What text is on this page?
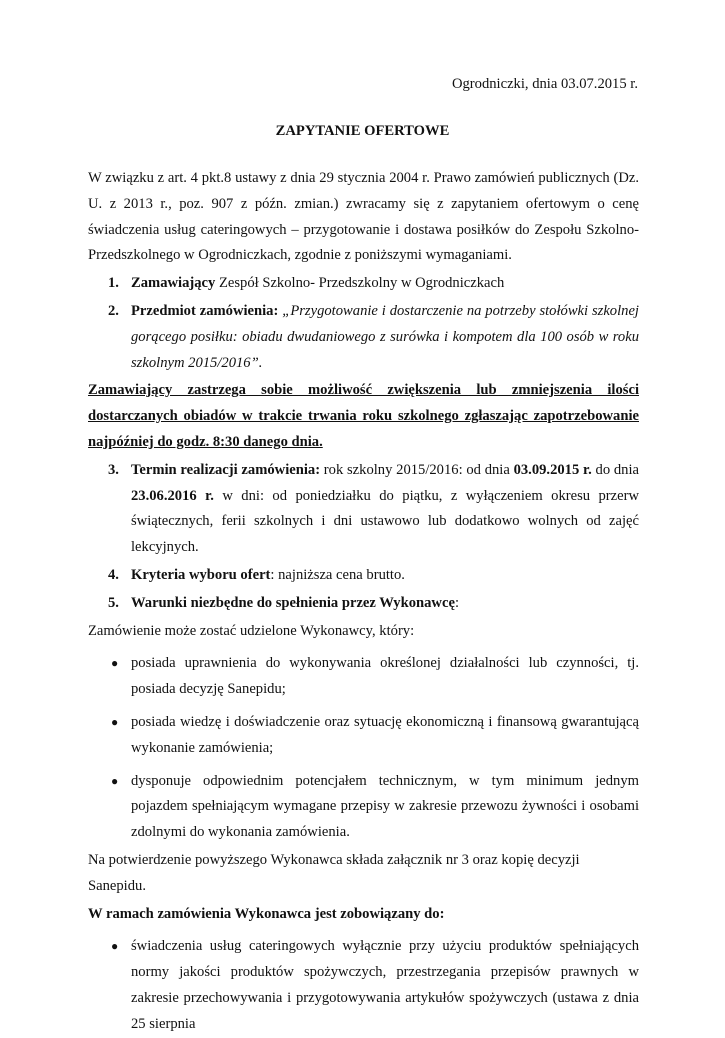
Ogrodniczki, dnia 03.07.2015 r.
ZAPYTANIE OFERTOWE

W związku z art. 4 pkt.8 ustawy z dnia 29 stycznia 2004 r. Prawo zamówień publicznych (Dz. U. z 2013 r., poz. 907 z późn. zmian.) zwracamy się z zapytaniem ofertowym o cenę świadczenia usług cateringowych – przygotowanie i dostawa posiłków do Zespołu Szkolno-Przedszkolnego w Ogrodniczkach, zgodnie z poniższymi wymaganiami.

1. Zamawiający Zespół Szkolno- Przedszkolny w Ogrodniczkach

2. Przedmiot zamówienia: „Przygotowanie i dostarczenie na potrzeby stołówki szkolnej gorącego posiłku: obiadu dwudaniowego z surówka i kompotem dla 100 osób w roku szkolnym 2015/2016”.

Zamawiający zastrzega sobie możliwość zwiększenia lub zmniejszenia ilości dostarczanych obiadów w trakcie trwania roku szkolnego zgłaszając zapotrzebowanie najpóźniej do godz. 8:30 danego dnia.

3. Termin realizacji zamówienia: rok szkolny 2015/2016: od dnia 03.09.2015 r. do dnia 23.06.2016 r. w dni: od poniedziałku do piątku, z wyłączeniem okresu przerw świątecznych, ferii szkolnych i dni ustawowo lub dodatkowo wolnych od zajęć lekcyjnych.

4. Kryteria wyboru ofert: najniższa cena brutto.

5. Warunki niezbędne do spełnienia przez Wykonawcę:

Zamówienie może zostać udzielone Wykonawcy, który:

● posiada uprawnienia do wykonywania określonej działalności lub czynności, tj. posiada decyzję Sanepidu;

● posiada wiedzę i doświadczenie oraz sytuację ekonomiczną i finansową gwarantującą wykonanie zamówienia;

● dysponuje odpowiednim potencjałem technicznym, w tym minimum jednym pojazdem spełniającym wymagane przepisy w zakresie przewozu żywności i osobami zdolnymi do wykonania zamówienia.

Na potwierdzenie powyższego Wykonawca składa załącznik nr 3 oraz kopię decyzji Sanepidu.

W ramach zamówienia Wykonawca jest zobowiązany do:

● świadczenia usług cateringowych wyłącznie przy użyciu produktów spełniających normy jakości produktów spożywczych, przestrzegania przepisów prawnych w zakresie przechowywania i przygotowywania artykułów spożywczych (ustawa z dnia 25 sierpnia
